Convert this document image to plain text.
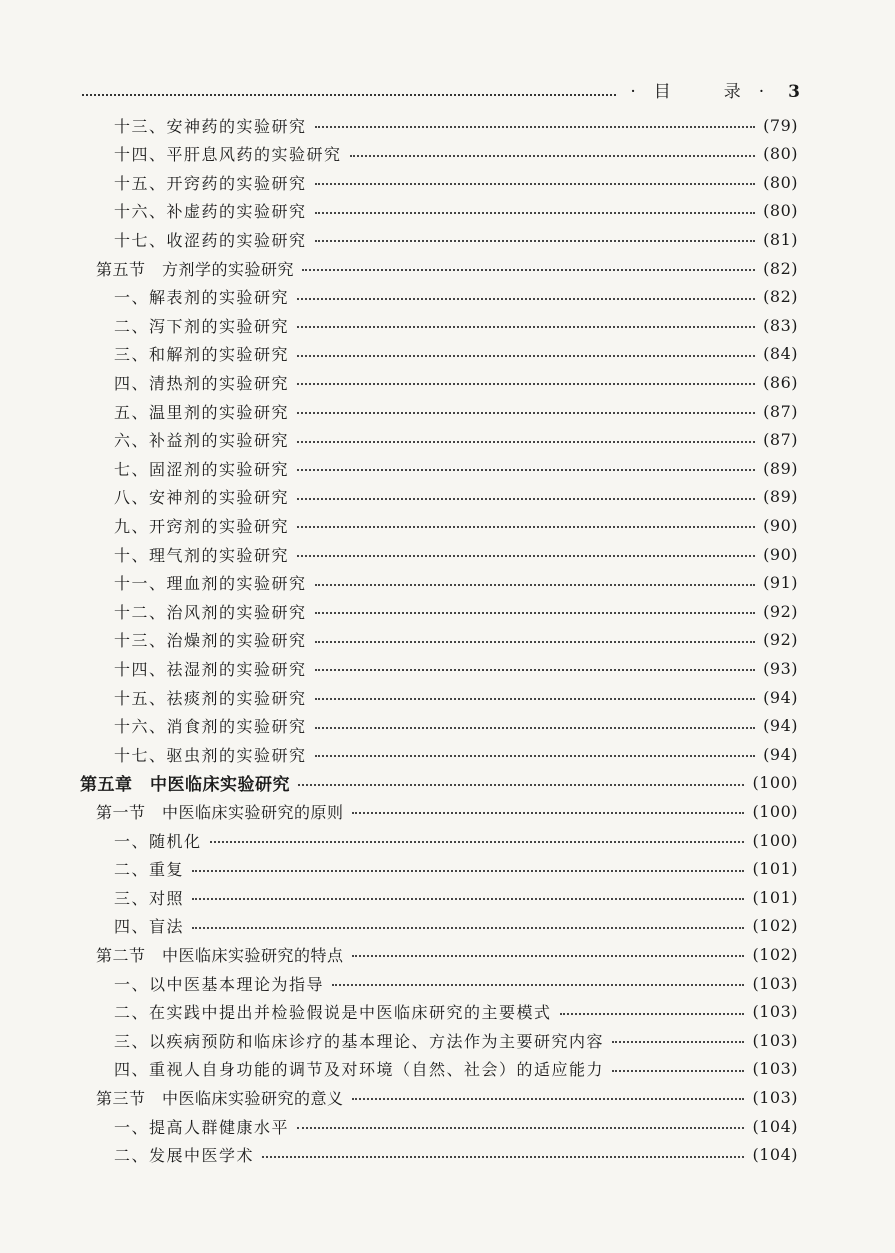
·目　录· 3
十三、安神药的实验研究	(79)
十四、平肝息风药的实验研究	(80)
十五、开窍药的实验研究	(80)
十六、补虚药的实验研究	(80)
十七、收涩药的实验研究	(81)
第五节　方剂学的实验研究	(82)
一、解表剂的实验研究	(82)
二、泻下剂的实验研究	(83)
三、和解剂的实验研究	(84)
四、清热剂的实验研究	(86)
五、温里剂的实验研究	(87)
六、补益剂的实验研究	(87)
七、固涩剂的实验研究	(89)
八、安神剂的实验研究	(89)
九、开窍剂的实验研究	(90)
十、理气剂的实验研究	(90)
十一、理血剂的实验研究	(91)
十二、治风剂的实验研究	(92)
十三、治燥剂的实验研究	(92)
十四、祛湿剂的实验研究	(93)
十五、祛痰剂的实验研究	(94)
十六、消食剂的实验研究	(94)
十七、驱虫剂的实验研究	(94)
第五章　中医临床实验研究	(100)
第一节　中医临床实验研究的原则	(100)
一、随机化	(100)
二、重复	(101)
三、对照	(101)
四、盲法	(102)
第二节　中医临床实验研究的特点	(102)
一、以中医基本理论为指导	(103)
二、在实践中提出并检验假说是中医临床研究的主要模式	(103)
三、以疾病预防和临床诊疗的基本理论、方法作为主要研究内容	(103)
四、重视人自身功能的调节及对环境（自然、社会）的适应能力	(103)
第三节　中医临床实验研究的意义	(103)
一、提高人群健康水平	(104)
二、发展中医学术	(104)
